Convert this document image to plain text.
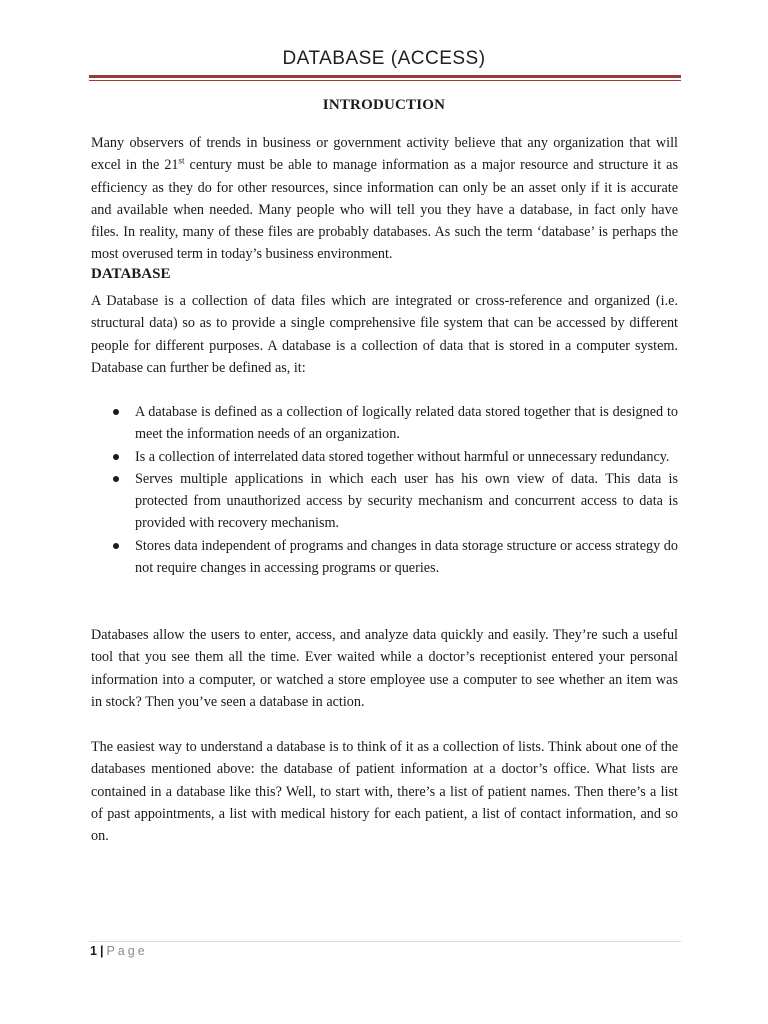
DATABASE (ACCESS)
INTRODUCTION

Many observers of trends in business or government activity believe that any organization that will excel in the 21st century must be able to manage information as a major resource and structure it as efficiency as they do for other resources, since information can only be an asset only if it is accurate and available when needed. Many people who will tell you they have a database, in fact only have files. In reality, many of these files are probably databases. As such the term ‘database’ is perhaps the most overused term in today’s business environment.

DATABASE

A Database is a collection of data files which are integrated or cross-reference and organized (i.e. structural data) so as to provide a single comprehensive file system that can be accessed by different people for different purposes. A database is a collection of data that is stored in a computer system. Database can further be defined as, it:

A database is defined as a collection of logically related data stored together that is designed to meet the information needs of an organization.
Is a collection of interrelated data stored together without harmful or unnecessary redundancy.
Serves multiple applications in which each user has his own view of data. This data is protected from unauthorized access by security mechanism and concurrent access to data is provided with recovery mechanism.
Stores data independent of programs and changes in data storage structure or access strategy do not require changes in accessing programs or queries.

Databases allow the users to enter, access, and analyze data quickly and easily. They’re such a useful tool that you see them all the time. Ever waited while a doctor’s receptionist entered your personal information into a computer, or watched a store employee use a computer to see whether an item was in stock? Then you’ve seen a database in action.

The easiest way to understand a database is to think of it as a collection of lists. Think about one of the databases mentioned above: the database of patient information at a doctor’s office. What lists are contained in a database like this? Well, to start with, there’s a list of patient names. Then there’s a list of past appointments, a list with medical history for each patient, a list of contact information, and so on.

1 | Page
